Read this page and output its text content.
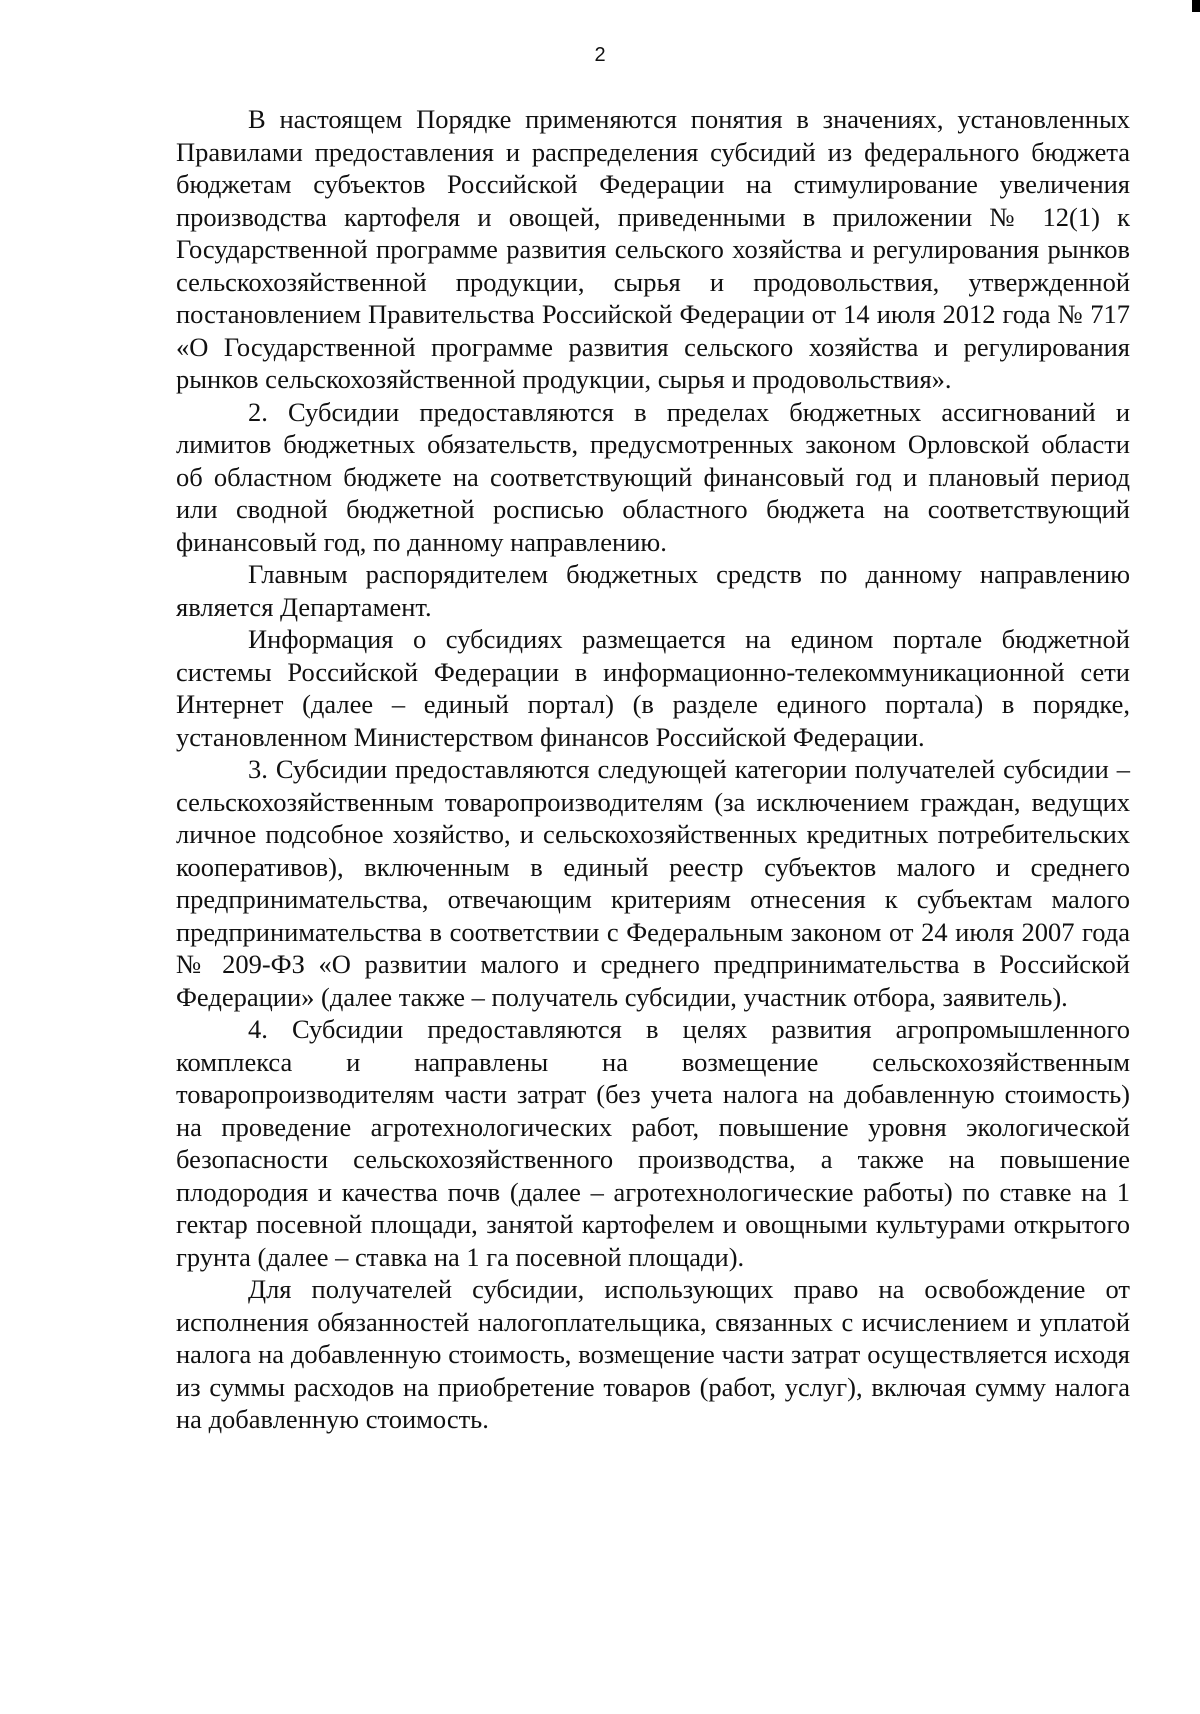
2

В настоящем Порядке применяются понятия в значениях, установленных Правилами предоставления и распределения субсидий из федерального бюджета бюджетам субъектов Российской Федерации на стимулирование увеличения производства картофеля и овощей, приведенными в приложении № 12(1) к Государственной программе развития сельского хозяйства и регулирования рынков сельскохозяйственной продукции, сырья и продовольствия, утвержденной постановлением Правительства Российской Федерации от 14 июля 2012 года № 717 «О Государственной программе развития сельского хозяйства и регулирования рынков сельскохозяйственной продукции, сырья и продовольствия».

2. Субсидии предоставляются в пределах бюджетных ассигнований и лимитов бюджетных обязательств, предусмотренных законом Орловской области об областном бюджете на соответствующий финансовый год и плановый период или сводной бюджетной росписью областного бюджета на соответствующий финансовый год, по данному направлению.

Главным распорядителем бюджетных средств по данному направлению является Департамент.

Информация о субсидиях размещается на едином портале бюджетной системы Российской Федерации в информационно-телекоммуникационной сети Интернет (далее – единый портал) (в разделе единого портала) в порядке, установленном Министерством финансов Российской Федерации.

3. Субсидии предоставляются следующей категории получателей субсидии – сельскохозяйственным товаропроизводителям (за исключением граждан, ведущих личное подсобное хозяйство, и сельскохозяйственных кредитных потребительских кооперативов), включенным в единый реестр субъектов малого и среднего предпринимательства, отвечающим критериям отнесения к субъектам малого предпринимательства в соответствии с Федеральным законом от 24 июля 2007 года № 209-ФЗ «О развитии малого и среднего предпринимательства в Российской Федерации» (далее также – получатель субсидии, участник отбора, заявитель).

4. Субсидии предоставляются в целях развития агропромышленного комплекса и направлены на возмещение сельскохозяйственным товаропроизводителям части затрат (без учета налога на добавленную стоимость) на проведение агротехнологических работ, повышение уровня экологической безопасности сельскохозяйственного производства, а также на повышение плодородия и качества почв (далее – агротехнологические работы) по ставке на 1 гектар посевной площади, занятой картофелем и овощными культурами открытого грунта (далее – ставка на 1 га посевной площади).

Для получателей субсидии, использующих право на освобождение от исполнения обязанностей налогоплательщика, связанных с исчислением и уплатой налога на добавленную стоимость, возмещение части затрат осуществляется исходя из суммы расходов на приобретение товаров (работ, услуг), включая сумму налога на добавленную стоимость.
